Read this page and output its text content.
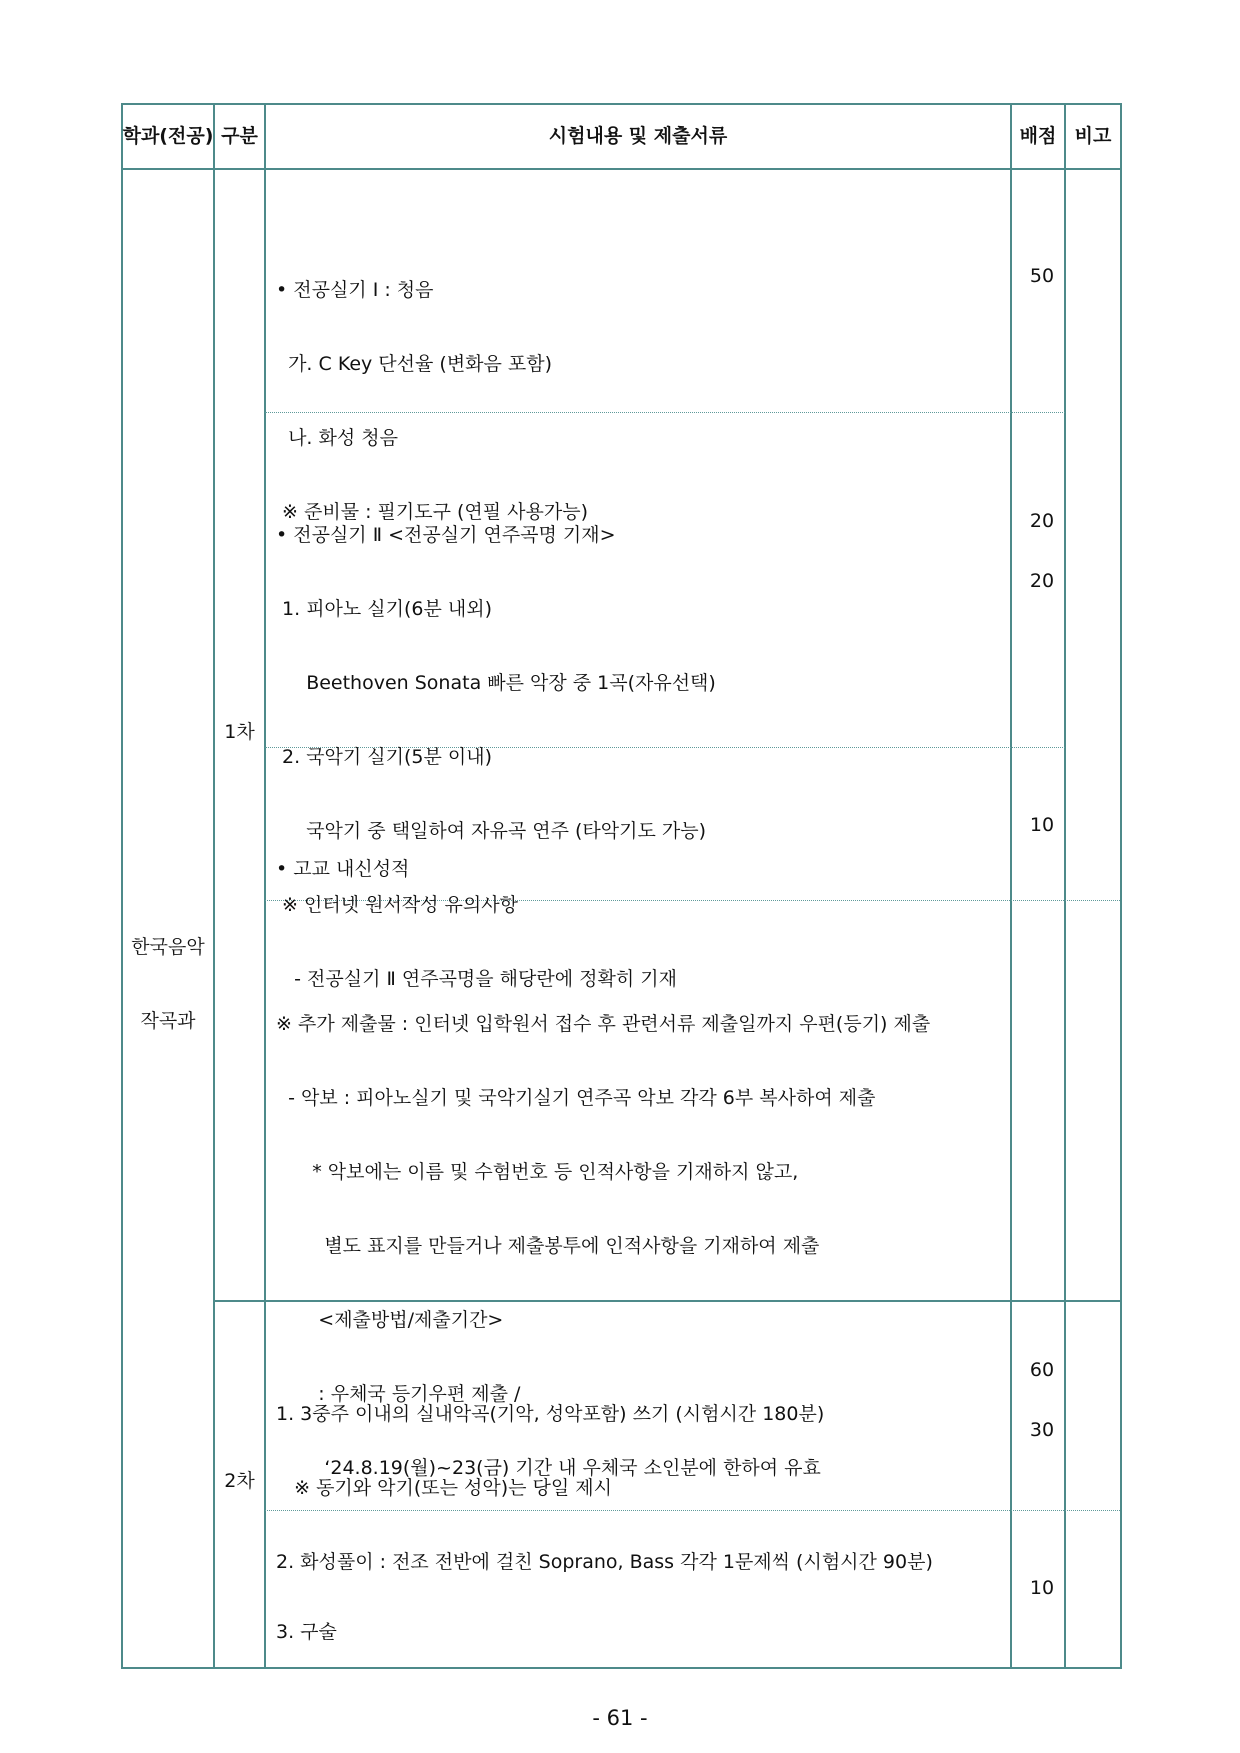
학과(전공) 구분	시험내용 및 제출서류	배점 비고

한국음악

작곡과

1차
2차

• 전공실기 Ⅰ : 청음

가. C Key 단선율 (변화음 포함)

나. 화성 청음

※ 준비물 : 필기도구 (연필 사용가능)

50

• 전공실기 Ⅱ <전공실기 연주곡명 기재>

1. 피아노 실기(6분 내외)

Beethoven Sonata 빠른 악장 중 1곡(자유선택)

2. 국악기 실기(5분 이내)

국악기 중 택일하여 자유곡 연주 (타악기도 가능)

※ 인터넷 원서작성 유의사항

- 전공실기 Ⅱ 연주곡명을 해당란에 정확히 기재

20
20

• 고교 내신성적

10

※ 추가 제출물 : 인터넷 입학원서 접수 후 관련서류 제출일까지 우편(등기) 제출

- 악보 : 피아노실기 및 국악기실기 연주곡 악보 각각 6부 복사하여 제출

* 악보에는 이름 및 수험번호 등 인적사항을 기재하지 않고,

별도 표지를 만들거나 제출봉투에 인적사항을 기재하여 제출

<제출방법/제출기간>

: 우체국 등기우편 제출 /

‘24.8.19(월)~23(금) 기간 내 우체국 소인분에 한하여 유효

1. 3중주 이내의 실내악곡(기악, 성악포함) 쓰기 (시험시간 180분)

※ 동기와 악기(또는 성악)는 당일 제시

2. 화성풀이 : 전조 전반에 걸친 Soprano, Bass 각각 1문제씩 (시험시간 90분)

60
30

3. 구술

10
- 61 -
